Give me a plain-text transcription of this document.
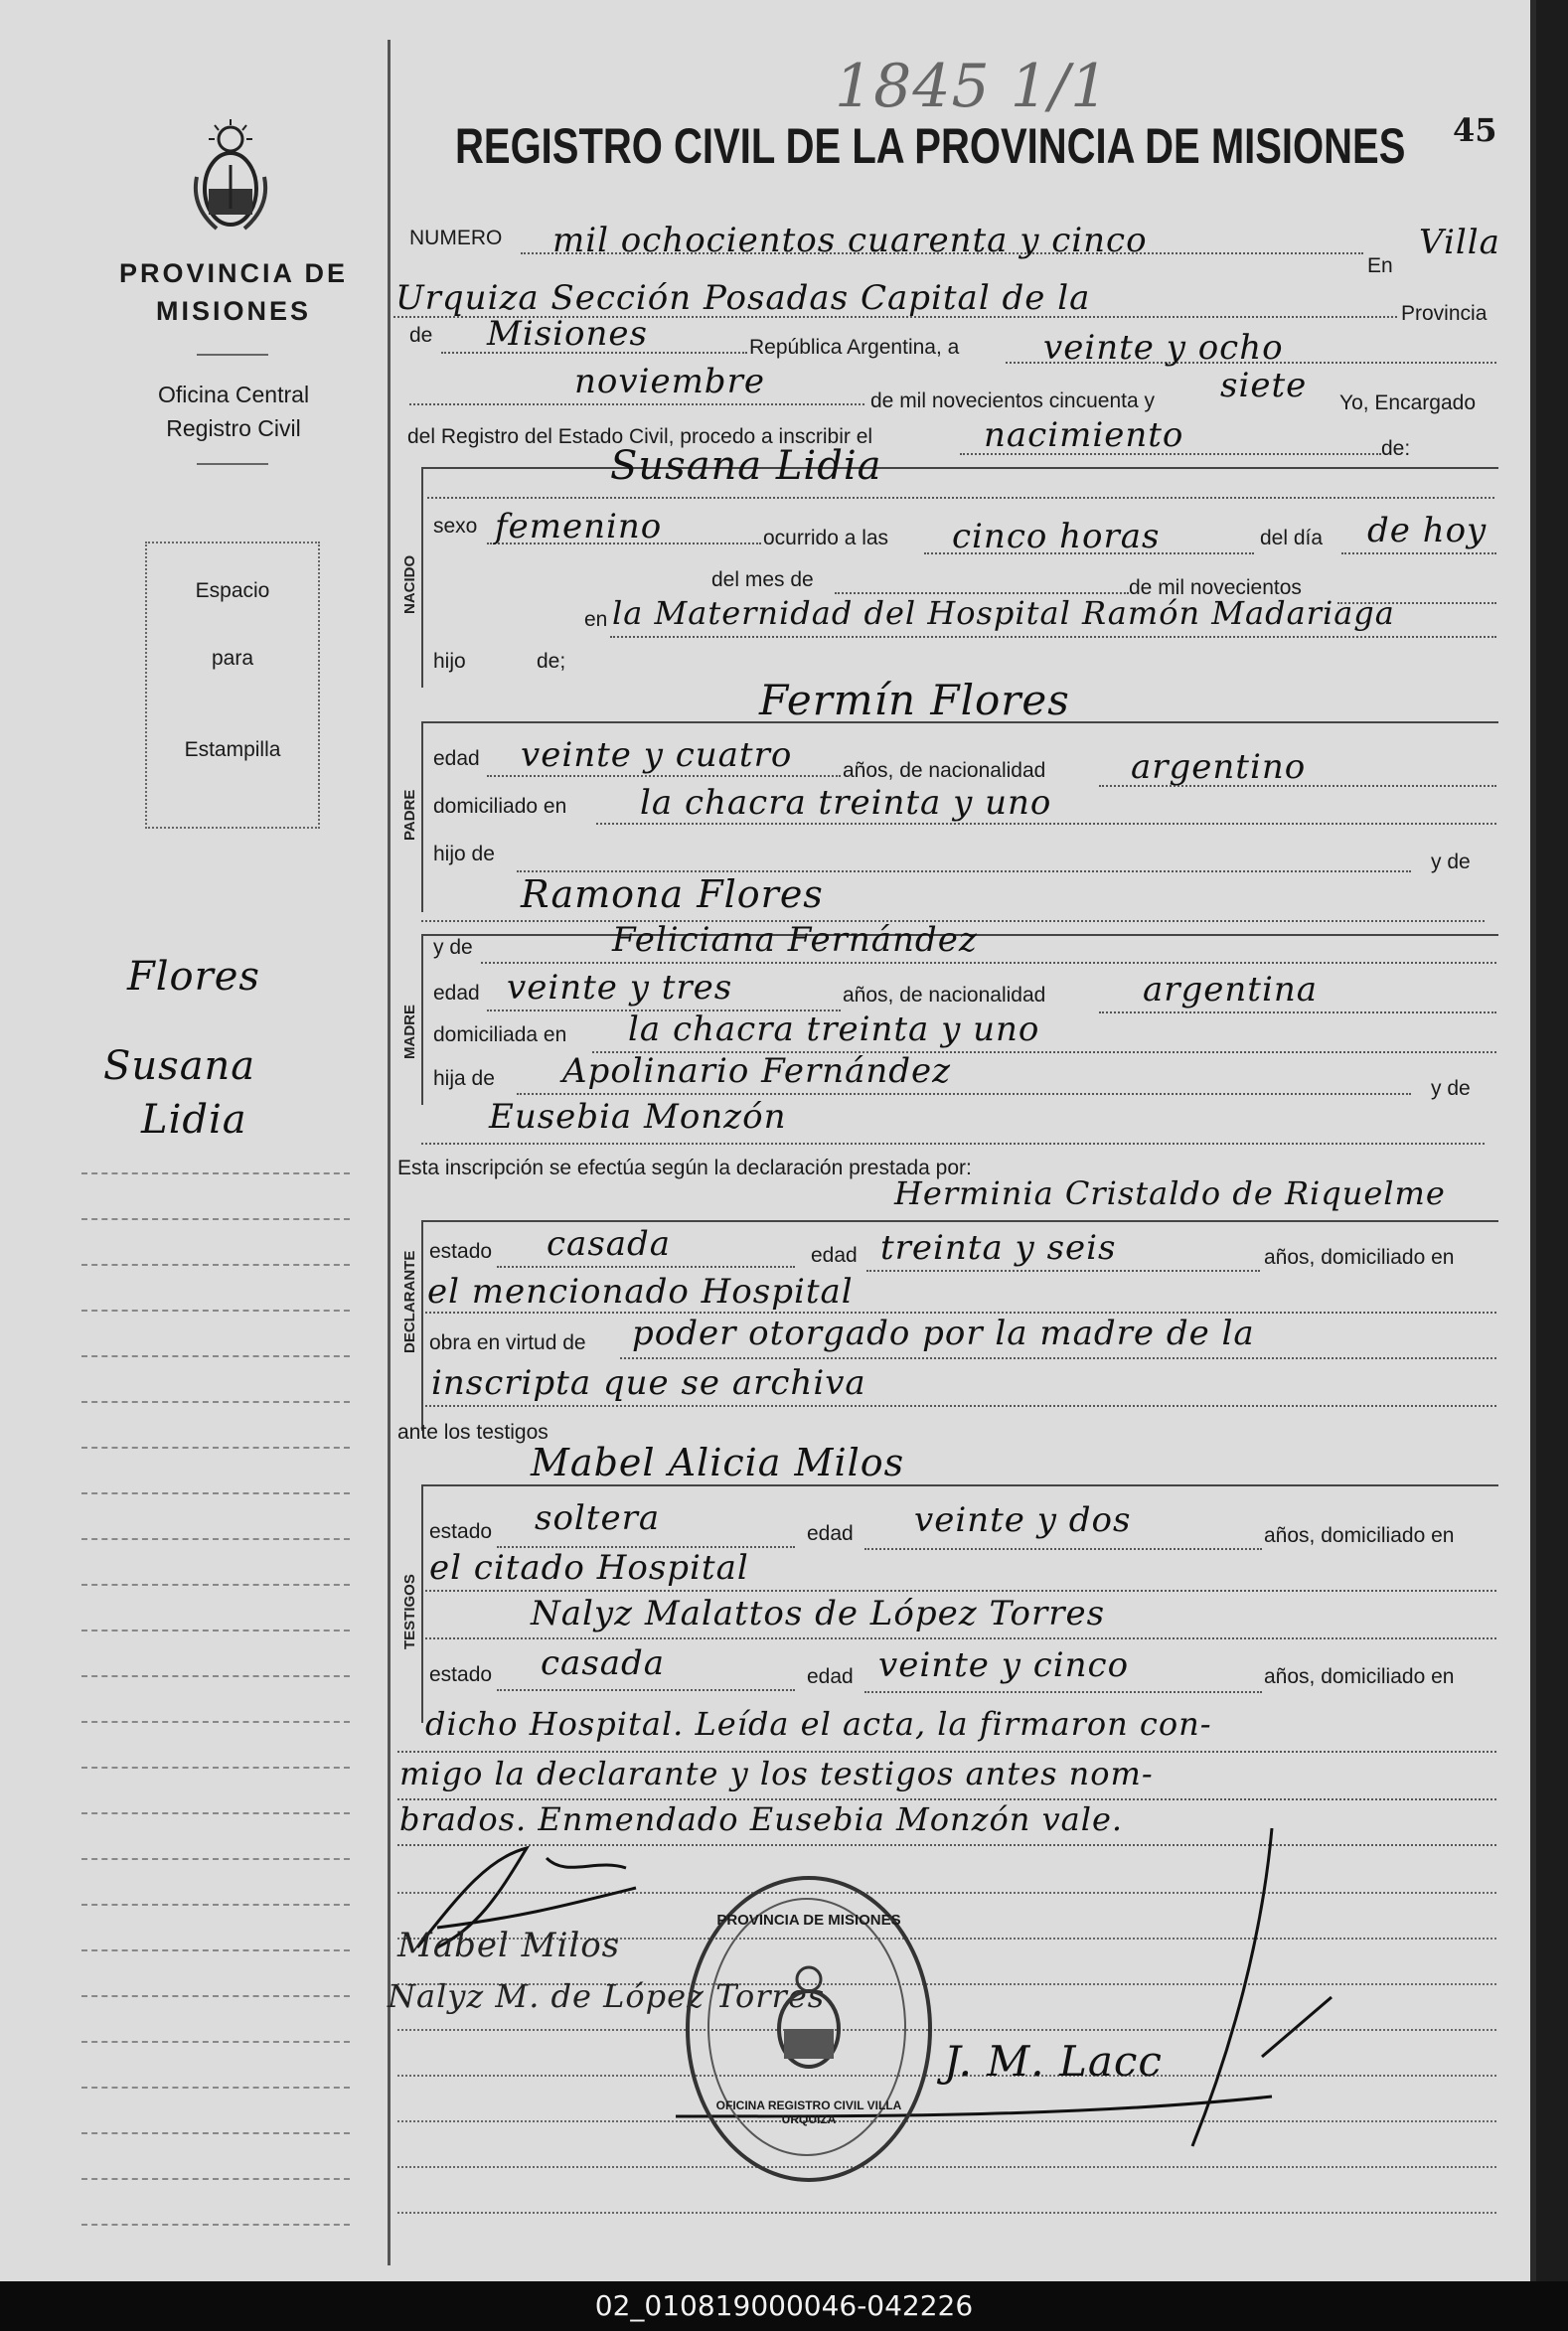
1845 1/1
PROVINCIA DE MISIONES
Oficina Central
Registro Civil
Espacio
para
Estampilla
Flores
Susana
Lidia
REGISTRO CIVIL DE LA PROVINCIA DE MISIONES 45
NUMERO mil ochocientos cuarenta y cinco
En
Villa
Urquiza Sección Posadas Capital de la	Provincia
de Misiones	República Argentina, a veinte y ocho
noviembre	de mil novecientos cincuenta y siete Yo, Encargado
del Registro del Estado Civil, procedo a inscribir el	nacimiento	de:
NACIDO
Susana Lidia
sexo femenino	ocurrido a las cinco horas	del día de hoy
del mes de	de mil novecientos
en la Maternidad del Hospital Ramón Madariaga
hijo	de;
Fermín Flores
PADRE
edad veinte y cuatro años, de nacionalidad	argentino
domiciliado en la chacra treinta y uno
hijo de	y de
Ramona Flores
MADRE
y de	Feliciana Fernández
edad veinte y tres	años, de nacionalidad	argentina
domiciliada en la chacra treinta y uno
hija de Apolinario Fernández	y de
Eusebia Monzón
Esta inscripción se efectúa según la declaración prestada por:
Herminia Cristaldo de Riquelme
DECLARANTE estado casada	edad treinta y seis	años, domiciliado en
el mencionado Hospital
obra en virtud de poder otorgado por la madre de la
inscripta que se archiva
ante los testigos
Mabel Alicia Milos
TESTIGOS
estado soltera	edad veinte y dos	años, domiciliado en
el citado Hospital
Nalyz Malattos de López Torres
estado casada	edad veinte y cinco	años, domiciliado en
dicho Hospital. Leída el acta, la firmaron con-
migo la declarante y los testigos antes nom-
brados. Enmendado Eusebia Monzón vale.
Mabel Milos
Nalyz M. de López Torres
J. M. Lacc
PROVINCIA DE MISIONES
OFICINA REGISTRO CIVIL VILLA URQUIZA
02_010819000046-042226
